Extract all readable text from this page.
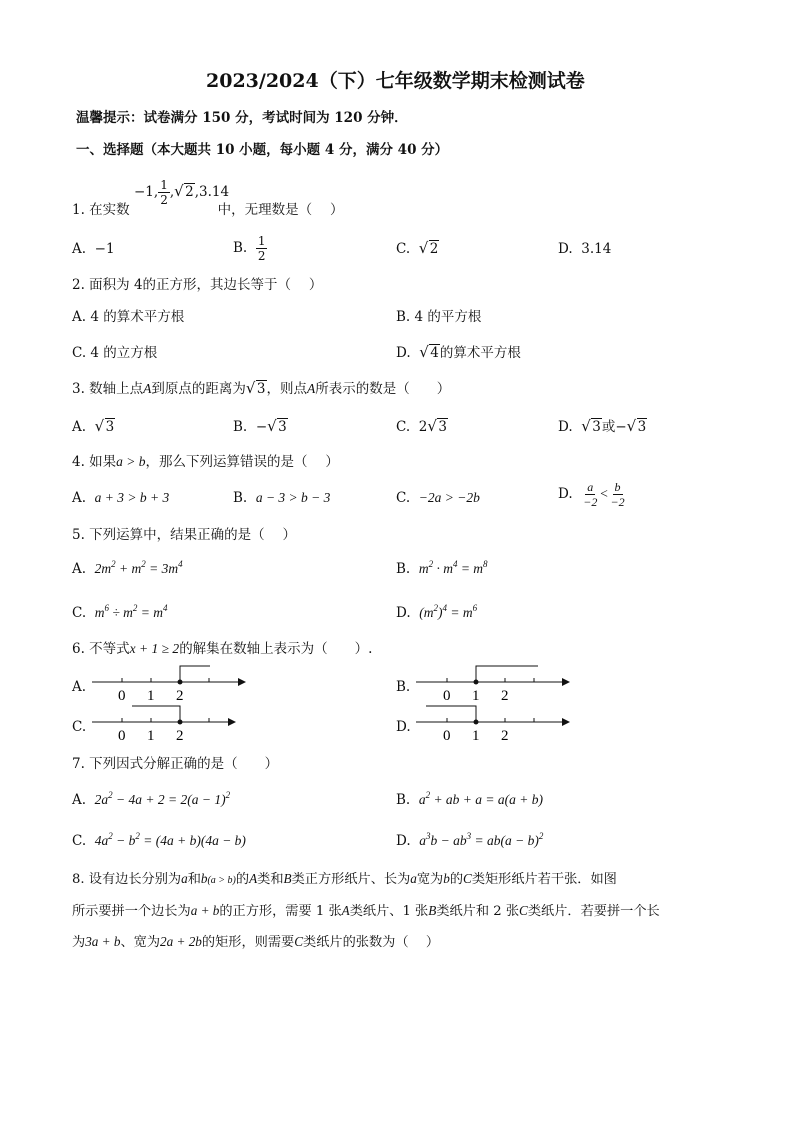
2023/2024（下）七年级数学期末检测试卷
温馨提示：试卷满分 150 分，考试时间为 120 分钟．
一、选择题（本大题共 10 小题，每小题 4 分，满分 40 分）
−1, $\frac{1}{2}$ , √ 2,3.14
1. 在实数	中，无理数是（　 ）
A. −1	B. $\frac{1}{2}$	C. √ 2	D. 3.14
2. 面积为 4的正方形，其边长等于（　 ）
A. 4 的算术平方根	B. 4 的平方根
C. 4 的立方根	D. √ 4的算术平方根
3. 数轴上点A到原点的距离为 √ 3，则点A所表示的数是（　　）
A. √ 3	B. − √ 3	C. 2 √ 3	D. √ 3或− √ 3
4. 如果a > b，那么下列运算错误的是（　 ）
A. a + 3 > b + 3	B. a − 3 > b − 3	C. −2a > −2b	D. $\frac{a}{-2} < \frac{b}{-2}$
5. 下列运算中，结果正确的是（　 ）
A. $2m^2 + m^2 = 3m^4$	B. $m^2 \cdot m^4 = m^8$
C. $m^6 \div m^2 = m^4$	D. $(m^2)^4 = m^6$
6. 不等式x + 1 ≥ 2的解集在数轴上表示为（　　）.
A.
0 1 2
B.
0 1 2
C.
0 1 2
D.
0 1 2
7. 下列因式分解正确的是（　　）
A. $2a^2 - 4a + 2 = 2(a - 1)^2$	B. $a^2$ + ab + a = a(a + b)
C. $4a^2 - b^2 = (4a + b)(4a - b)$	D. $a^3b - ab^3 = ab(a - b)^2$
8. 设有边长分别为a和b(a > b)的A类和B类正方形纸片、长为a宽为b的C类矩形纸片若干张．如图
所示要拼一个边长为a + b的正方形，需要 1 张A类纸片、1 张B类纸片和 2 张C类纸片．若要拼一个长
为3a + b、宽为2a + 2b的矩形，则需要C类纸片的张数为（　 ）
